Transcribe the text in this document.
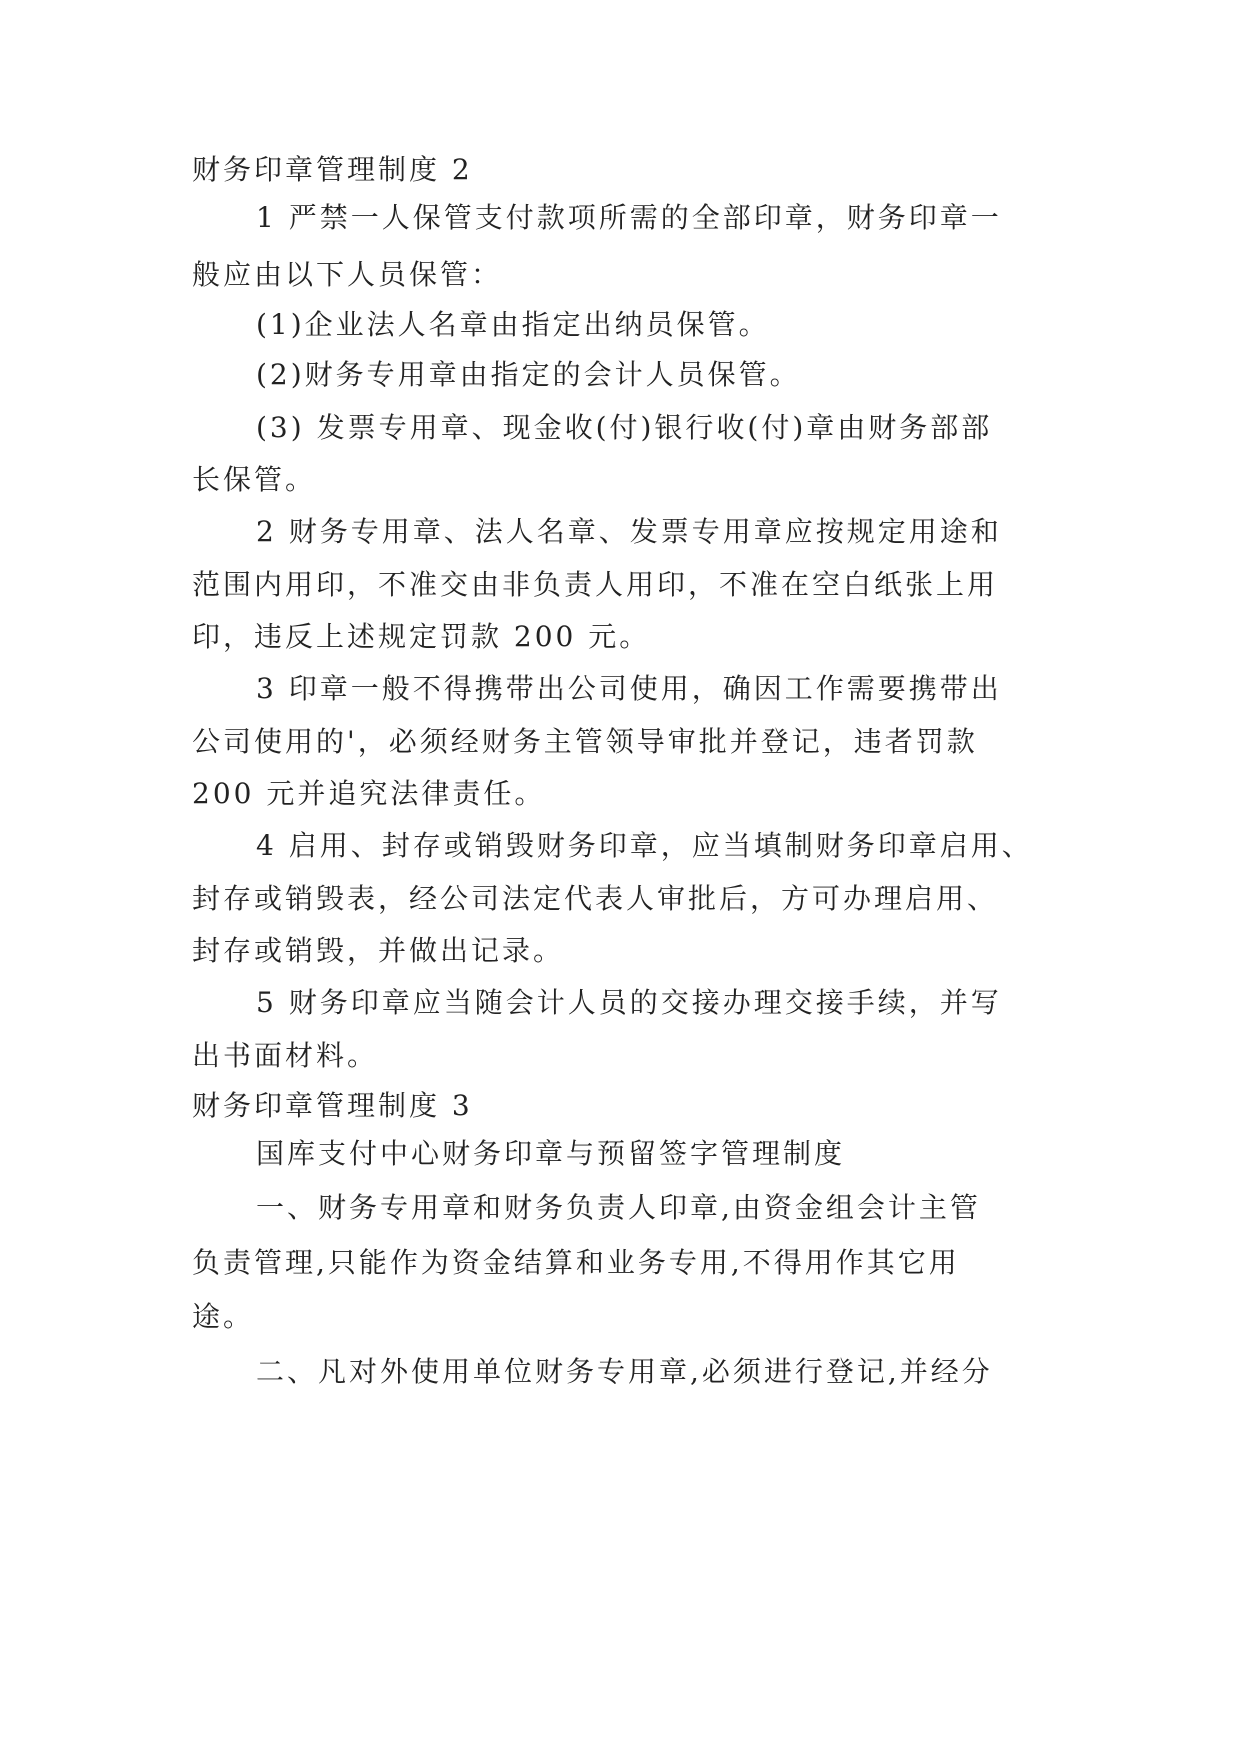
财务印章管理制度 2
1 严禁一人保管支付款项所需的全部印章，财务印章一
般应由以下人员保管：
(1)企业法人名章由指定出纳员保管。
(2)财务专用章由指定的会计人员保管。
(3) 发票专用章、现金收(付)银行收(付)章由财务部部
长保管。
2 财务专用章、法人名章、发票专用章应按规定用途和
范围内用印，不准交由非负责人用印，不准在空白纸张上用
印，违反上述规定罚款 200 元。
3 印章一般不得携带出公司使用，确因工作需要携带出
公司使用的'，必须经财务主管领导审批并登记，违者罚款
200 元并追究法律责任。
4 启用、封存或销毁财务印章，应当填制财务印章启用、
封存或销毁表，经公司法定代表人审批后，方可办理启用、
封存或销毁，并做出记录。
5 财务印章应当随会计人员的交接办理交接手续，并写
出书面材料。
财务印章管理制度 3
国库支付中心财务印章与预留签字管理制度
一、财务专用章和财务负责人印章,由资金组会计主管
负责管理,只能作为资金结算和业务专用,不得用作其它用
途。
二、凡对外使用单位财务专用章,必须进行登记,并经分
